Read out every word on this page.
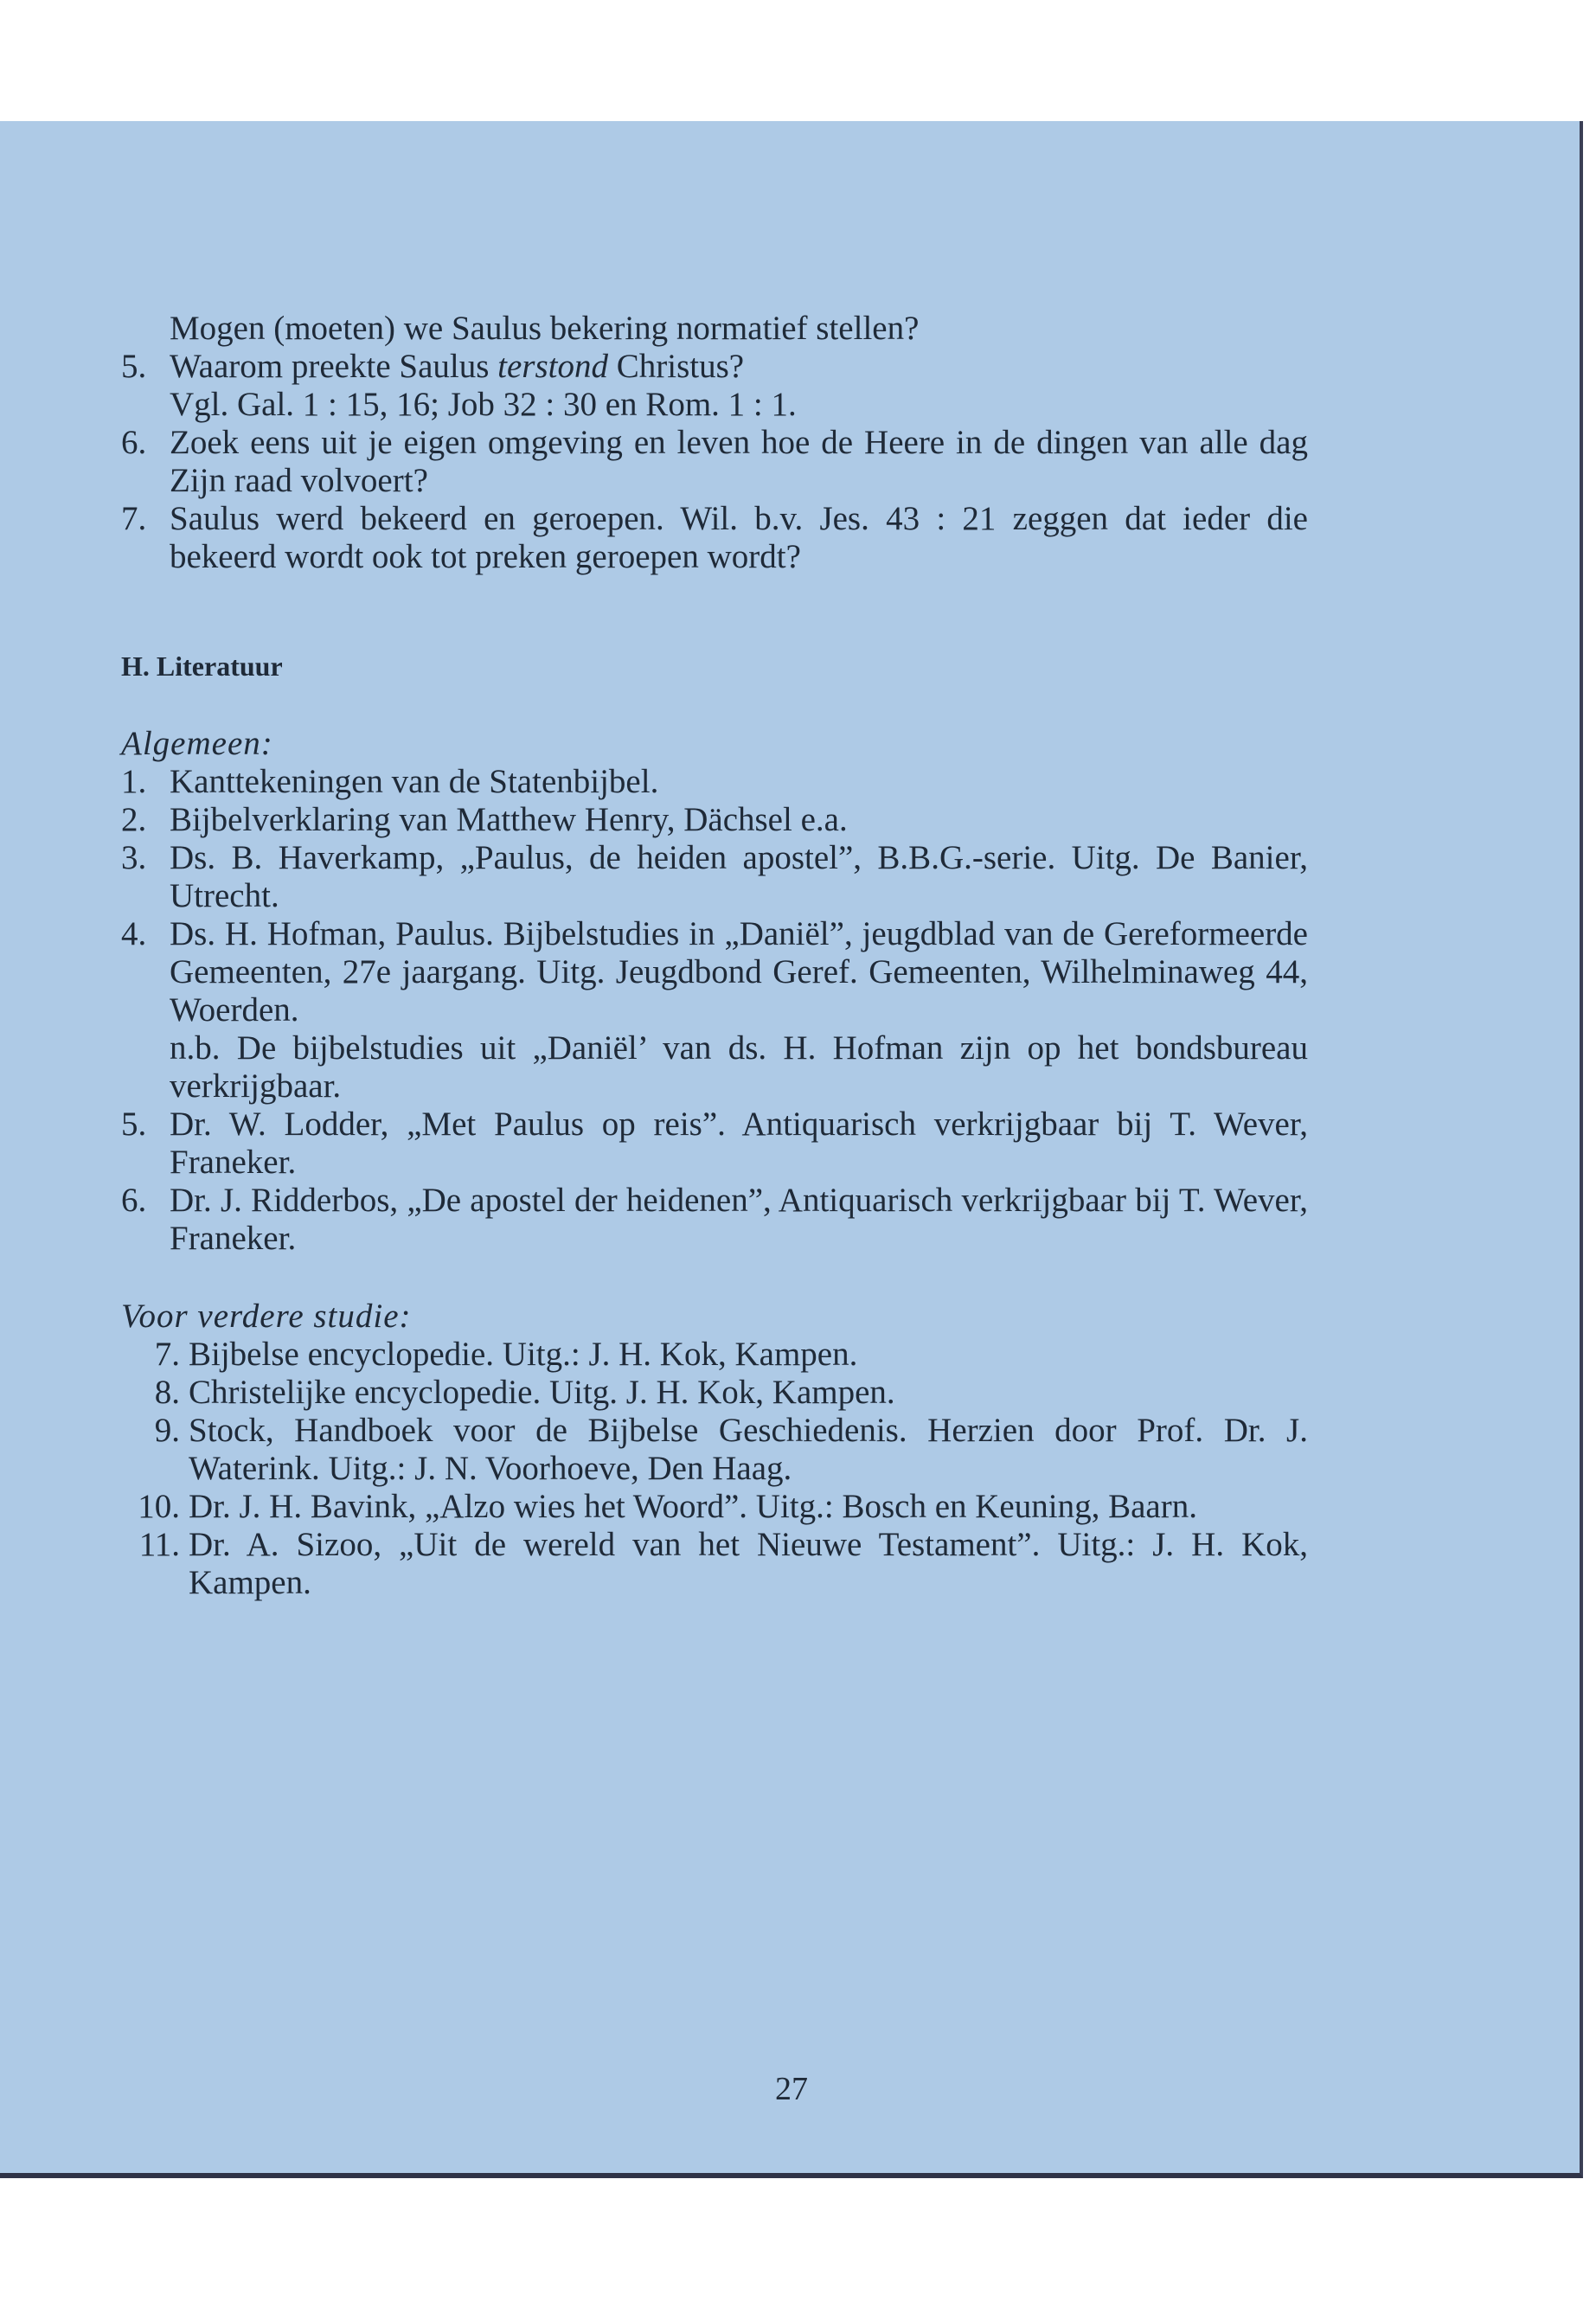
Mogen (moeten) we Saulus bekering normatief stellen?
5. Waarom preekte Saulus terstond Christus?
Vgl. Gal. 1 : 15, 16; Job 32 : 30 en Rom. 1 : 1.
6. Zoek eens uit je eigen omgeving en leven hoe de Heere in de dingen van alle dag Zijn raad volvoert?
7. Saulus werd bekeerd en geroepen. Wil. b.v. Jes. 43 : 21 zeggen dat ieder die bekeerd wordt ook tot preken geroepen wordt?
H. Literatuur
Algemeen:
1. Kanttekeningen van de Statenbijbel.
2. Bijbelverklaring van Matthew Henry, Dächsel e.a.
3. Ds. B. Haverkamp, „Paulus, de heiden apostel”, B.B.G.-serie. Uitg. De Banier, Utrecht.
4. Ds. H. Hofman, Paulus. Bijbelstudies in „Daniël”, jeugdblad van de Gereformeerde Gemeenten, 27e jaargang. Uitg. Jeugdbond Geref. Gemeenten, Wilhelminaweg 44, Woerden.
n.b. De bijbelstudies uit „Daniël’ van ds. H. Hofman zijn op het bondsbureau verkrijgbaar.
5. Dr. W. Lodder, „Met Paulus op reis”. Antiquarisch verkrijgbaar bij T. Wever, Franeker.
6. Dr. J. Ridderbos, „De apostel der heidenen”, Antiquarisch verkrijgbaar bij T. Wever, Franeker.
Voor verdere studie:
7. Bijbelse encyclopedie. Uitg.: J. H. Kok, Kampen.
8. Christelijke encyclopedie. Uitg. J. H. Kok, Kampen.
9. Stock, Handboek voor de Bijbelse Geschiedenis. Herzien door Prof. Dr. J. Waterink. Uitg.: J. N. Voorhoeve, Den Haag.
10. Dr. J. H. Bavink, „Alzo wies het Woord”. Uitg.: Bosch en Keuning, Baarn.
11. Dr. A. Sizoo, „Uit de wereld van het Nieuwe Testament”. Uitg.: J. H. Kok, Kampen.
27
